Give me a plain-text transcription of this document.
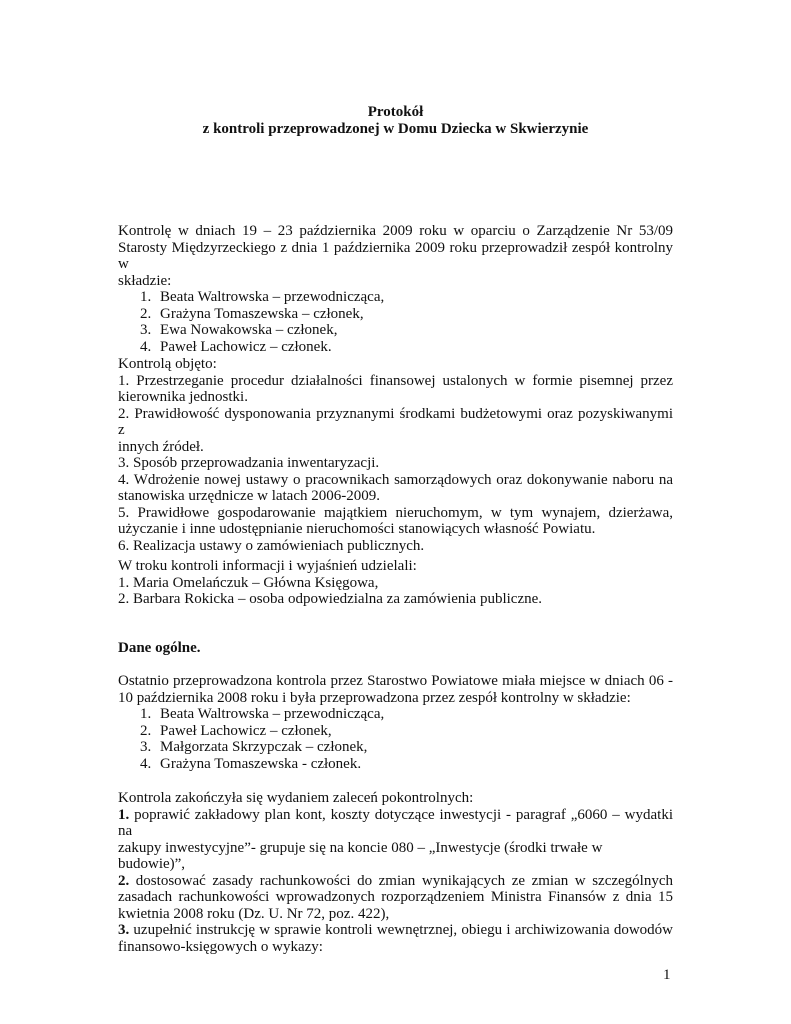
Protokół
z kontroli przeprowadzonej w Domu Dziecka w Skwierzynie

Kontrolę w dniach 19 – 23 października 2009 roku w oparciu o Zarządzenie Nr 53/09

Starosty Międzyrzeckiego z dnia 1 października 2009 roku przeprowadził zespół kontrolny w

składzie:

1. Beata Waltrowska – przewodnicząca,
2. Grażyna Tomaszewska – członek,
3. Ewa Nowakowska – członek,
4. Paweł Lachowicz – członek.

Kontrolą objęto:

1. Przestrzeganie procedur działalności finansowej ustalonych w formie pisemnej przez

kierownika jednostki.

2. Prawidłowość dysponowania przyznanymi środkami budżetowymi oraz pozyskiwanymi z

innych źródeł.

3. Sposób przeprowadzania inwentaryzacji.

4. Wdrożenie nowej ustawy o pracownikach samorządowych oraz dokonywanie naboru na

stanowiska urzędnicze w latach 2006-2009.

5. Prawidłowe gospodarowanie majątkiem nieruchomym, w tym wynajem, dzierżawa,

użyczanie i inne udostępnianie nieruchomości stanowiących własność Powiatu.

6. Realizacja ustawy o zamówieniach publicznych.

W troku kontroli informacji i wyjaśnień udzielali:

1. Maria Omelańczuk – Główna Księgowa,

2. Barbara Rokicka – osoba odpowiedzialna za zamówienia publiczne.

Dane ogólne.

Ostatnio przeprowadzona kontrola przez Starostwo Powiatowe miała miejsce w dniach 06 -

10 października 2008 roku i była przeprowadzona przez zespół kontrolny w składzie:

1. Beata Waltrowska – przewodnicząca,
2. Paweł Lachowicz – członek,
3. Małgorzata Skrzypczak – członek,
4. Grażyna Tomaszewska - członek.

Kontrola zakończyła się wydaniem zaleceń pokontrolnych:

1. poprawić zakładowy plan kont, koszty dotyczące inwestycji - paragraf „6060 – wydatki na

zakupy inwestycyjne”- grupuje się na koncie 080 – „Inwestycje (środki trwałe w budowie)”,

2. dostosować zasady rachunkowości do zmian wynikających ze zmian w szczególnych

zasadach rachunkowości wprowadzonych rozporządzeniem Ministra Finansów z dnia 15

kwietnia 2008 roku (Dz. U. Nr 72, poz. 422),

3. uzupełnić instrukcję w sprawie kontroli wewnętrznej, obiegu i archiwizowania dowodów

finansowo-księgowych o wykazy:

1
